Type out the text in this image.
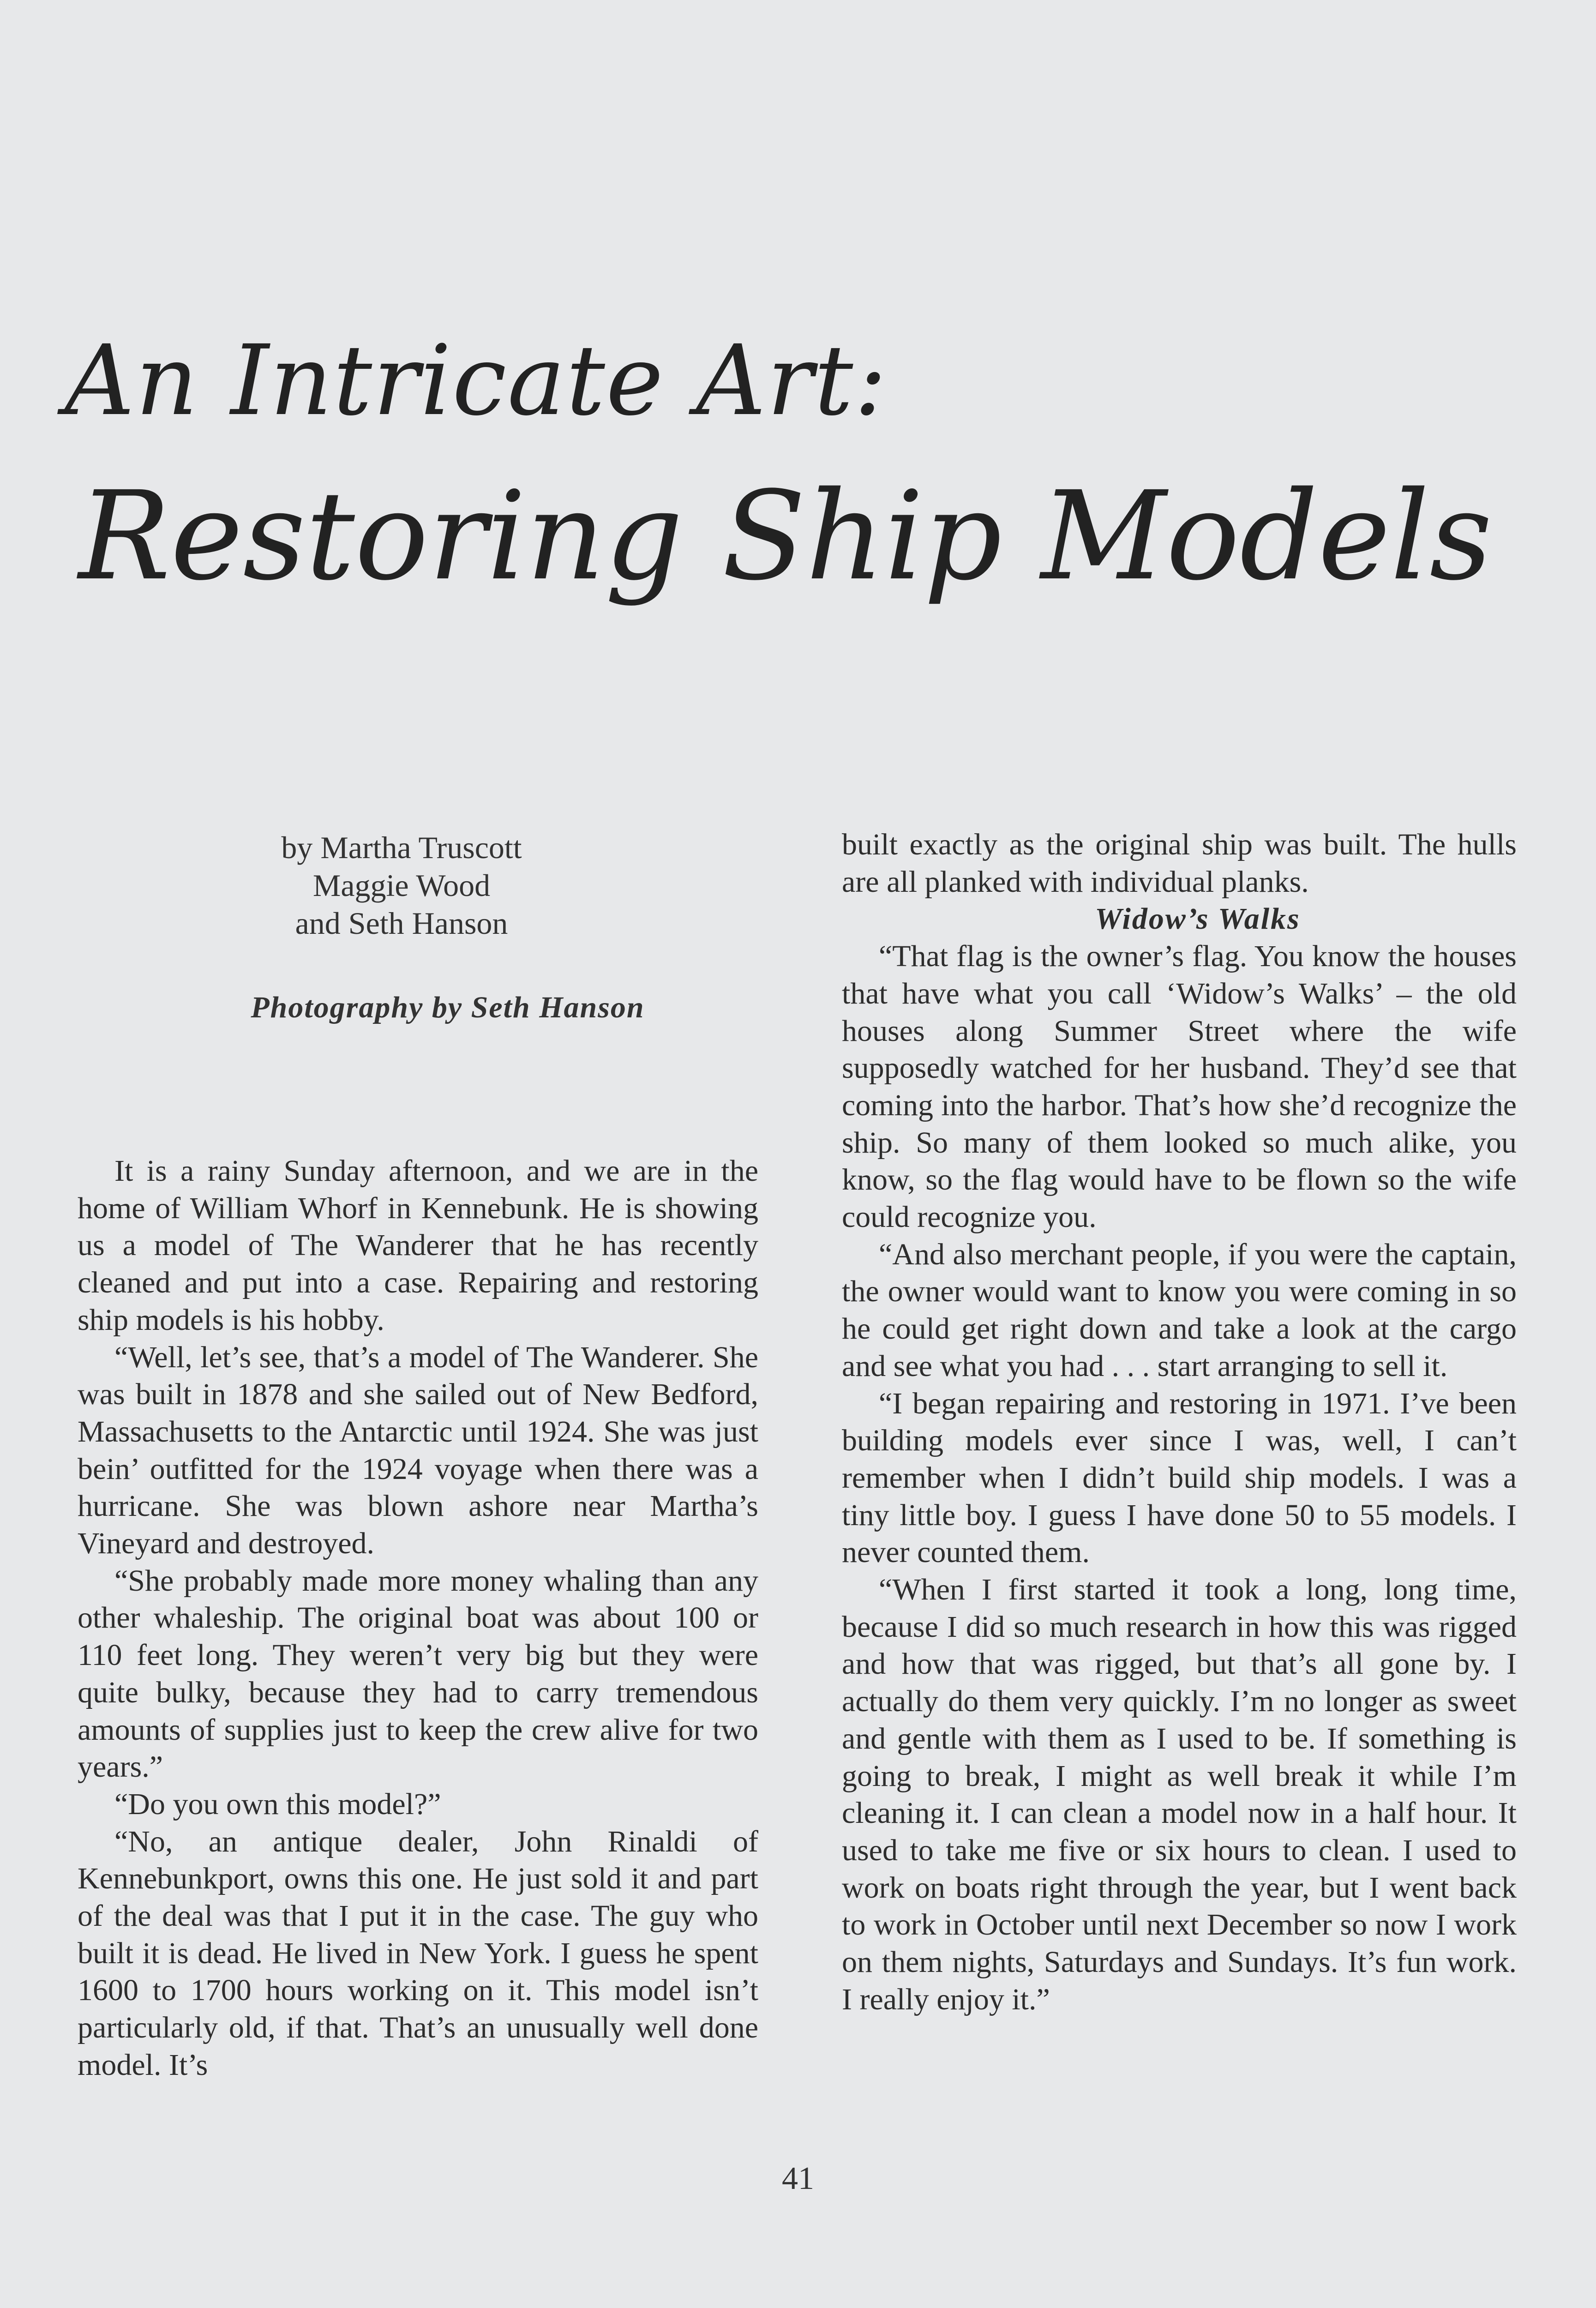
An Intricate Art:
Restoring Ship Models
by Martha Truscott
Maggie Wood
and Seth Hanson
Photography by Seth Hanson

It is a rainy Sunday afternoon, and we are in the home of William Whorf in Kennebunk. He is showing us a model of The Wanderer that he has recently cleaned and put into a case. Repairing and restoring ship models is his hobby.

“Well, let’s see, that’s a model of The Wanderer. She was built in 1878 and she sailed out of New Bedford, Massachusetts to the Antarctic until 1924. She was just bein’ outfitted for the 1924 voyage when there was a hurricane. She was blown ashore near Martha’s Vineyard and destroyed.

“She probably made more money whaling than any other whaleship. The original boat was about 100 or 110 feet long. They weren’t very big but they were quite bulky, because they had to carry tremendous amounts of supplies just to keep the crew alive for two years.”

“Do you own this model?”

“No, an antique dealer, John Rinaldi of Kennebunkport, owns this one. He just sold it and part of the deal was that I put it in the case. The guy who built it is dead. He lived in New York. I guess he spent 1600 to 1700 hours working on it. This model isn’t particularly old, if that. That’s an unusually well done model. It’s

built exactly as the original ship was built. The hulls are all planked with individual planks.

Widow’s Walks

“That flag is the owner’s flag. You know the houses that have what you call ‘Widow’s Walks’ – the old houses along Summer Street where the wife supposedly watched for her husband. They’d see that coming into the harbor. That’s how she’d recognize the ship. So many of them looked so much alike, you know, so the flag would have to be flown so the wife could recognize you.

“And also merchant people, if you were the captain, the owner would want to know you were coming in so he could get right down and take a look at the cargo and see what you had . . . start arranging to sell it.

“I began repairing and restoring in 1971. I’ve been building models ever since I was, well, I can’t remember when I didn’t build ship models. I was a tiny little boy. I guess I have done 50 to 55 models. I never counted them.

“When I first started it took a long, long time, because I did so much research in how this was rigged and how that was rigged, but that’s all gone by. I actually do them very quickly. I’m no longer as sweet and gentle with them as I used to be. If something is going to break, I might as well break it while I’m cleaning it. I can clean a model now in a half hour. It used to take me five or six hours to clean. I used to work on boats right through the year, but I went back to work in October until next December so now I work on them nights, Saturdays and Sundays. It’s fun work. I really enjoy it.”

41
